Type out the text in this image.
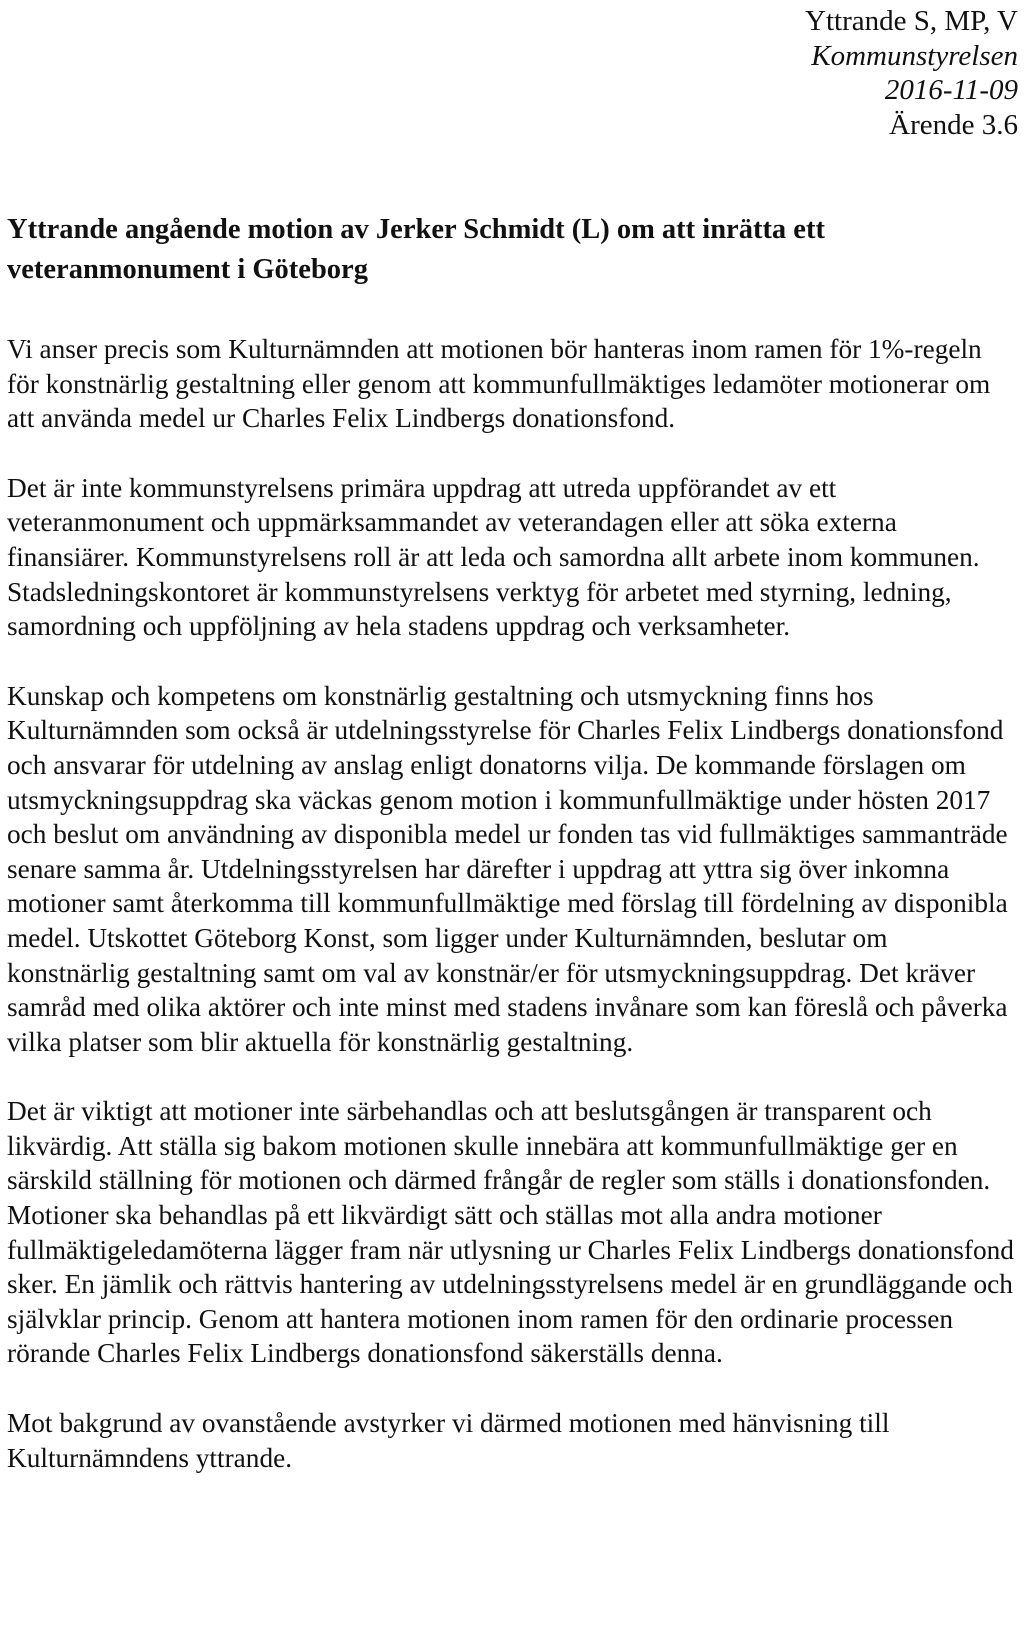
Yttrande S, MP, V
Kommunstyrelsen
2016-11-09
Ärende 3.6
Yttrande angående motion av Jerker Schmidt (L) om att inrätta ett veteranmonument i Göteborg

Vi anser precis som Kulturnämnden att motionen bör hanteras inom ramen för 1%-regeln för konstnärlig gestaltning eller genom att kommunfullmäktiges ledamöter motionerar om att använda medel ur Charles Felix Lindbergs donationsfond.

Det är inte kommunstyrelsens primära uppdrag att utreda uppförandet av ett veteranmonument och uppmärksammandet av veterandagen eller att söka externa finansiärer. Kommunstyrelsens roll är att leda och samordna allt arbete inom kommunen. Stadsledningskontoret är kommunstyrelsens verktyg för arbetet med styrning, ledning, samordning och uppföljning av hela stadens uppdrag och verksamheter.

Kunskap och kompetens om konstnärlig gestaltning och utsmyckning finns hos Kulturnämnden som också är utdelningsstyrelse för Charles Felix Lindbergs donationsfond och ansvarar för utdelning av anslag enligt donatorns vilja. De kommande förslagen om utsmyckningsuppdrag ska väckas genom motion i kommunfullmäktige under hösten 2017 och beslut om användning av disponibla medel ur fonden tas vid fullmäktiges sammanträde senare samma år. Utdelningsstyrelsen har därefter i uppdrag att yttra sig över inkomna motioner samt återkomma till kommunfullmäktige med förslag till fördelning av disponibla medel. Utskottet Göteborg Konst, som ligger under Kulturnämnden, beslutar om konstnärlig gestaltning samt om val av konstnär/er för utsmyckningsuppdrag. Det kräver samråd med olika aktörer och inte minst med stadens invånare som kan föreslå och påverka vilka platser som blir aktuella för konstnärlig gestaltning.

Det är viktigt att motioner inte särbehandlas och att beslutsgången är transparent och likvärdig. Att ställa sig bakom motionen skulle innebära att kommunfullmäktige ger en särskild ställning för motionen och därmed frångår de regler som ställs i donationsfonden. Motioner ska behandlas på ett likvärdigt sätt och ställas mot alla andra motioner fullmäktigeledamöterna lägger fram när utlysning ur Charles Felix Lindbergs donationsfond sker. En jämlik och rättvis hantering av utdelningsstyrelsens medel är en grundläggande och självklar princip. Genom att hantera motionen inom ramen för den ordinarie processen rörande Charles Felix Lindbergs donationsfond säkerställs denna.

Mot bakgrund av ovanstående avstyrker vi därmed motionen med hänvisning till Kulturnämndens yttrande.
